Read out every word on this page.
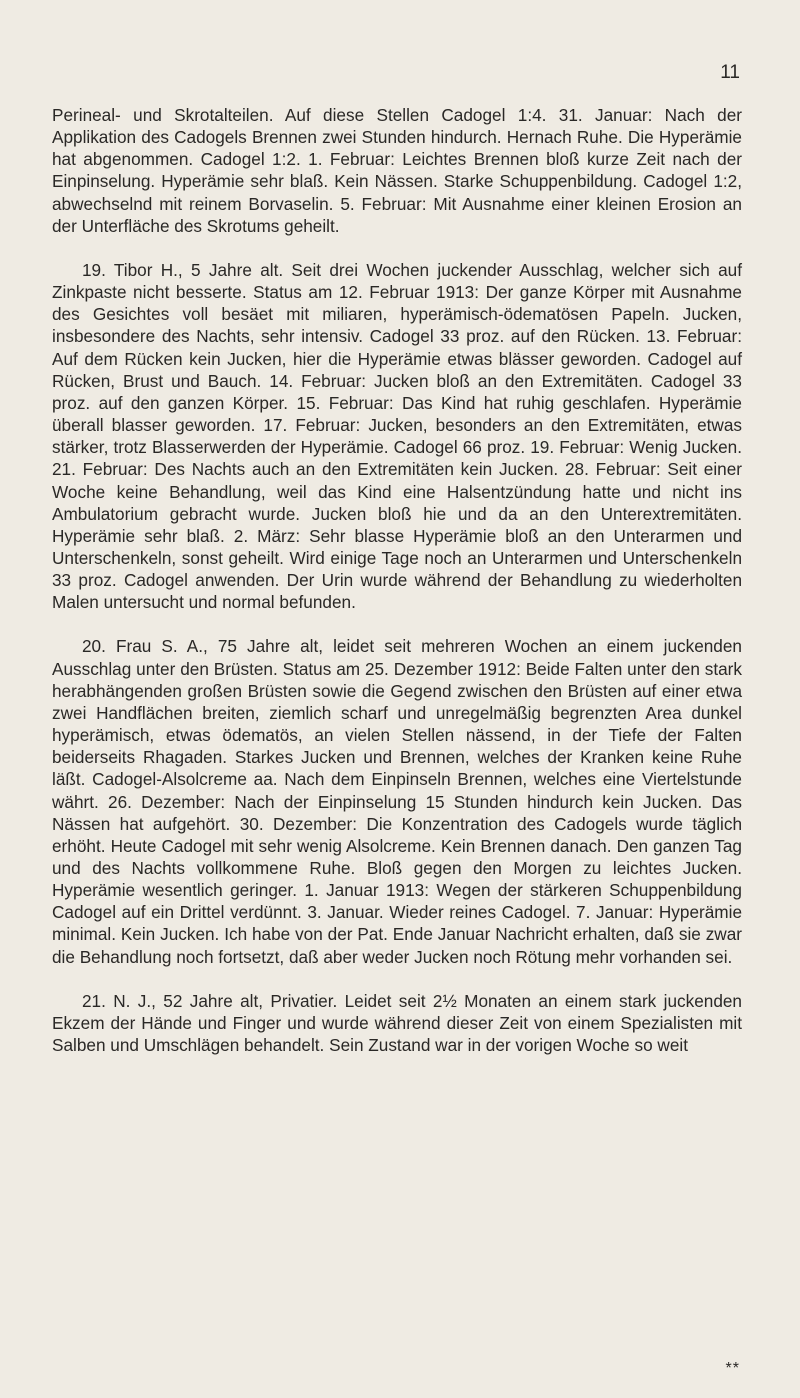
11

Perineal- und Skrotalteilen. Auf diese Stellen Cadogel 1:4. 31. Januar: Nach der Applikation des Cadogels Brennen zwei Stunden hindurch. Hernach Ruhe. Die Hyperämie hat abgenommen. Cadogel 1:2. 1. Februar: Leichtes Brennen bloß kurze Zeit nach der Einpinselung. Hyperämie sehr blaß. Kein Nässen. Starke Schuppenbildung. Cadogel 1:2, abwechselnd mit reinem Borvaselin. 5. Februar: Mit Ausnahme einer kleinen Erosion an der Unterfläche des Skrotums geheilt.

19. Tibor H., 5 Jahre alt. Seit drei Wochen juckender Ausschlag, welcher sich auf Zinkpaste nicht besserte. Status am 12. Februar 1913: Der ganze Körper mit Ausnahme des Gesichtes voll besäet mit miliaren, hyperämisch-ödematösen Papeln. Jucken, insbesondere des Nachts, sehr intensiv. Cadogel 33 proz. auf den Rücken. 13. Februar: Auf dem Rücken kein Jucken, hier die Hyperämie etwas blässer geworden. Cadogel auf Rücken, Brust und Bauch. 14. Februar: Jucken bloß an den Extremitäten. Cadogel 33 proz. auf den ganzen Körper. 15. Februar: Das Kind hat ruhig geschlafen. Hyperämie überall blasser geworden. 17. Februar: Jucken, besonders an den Extremitäten, etwas stärker, trotz Blasserwerden der Hyperämie. Cadogel 66 proz. 19. Februar: Wenig Jucken. 21. Februar: Des Nachts auch an den Extremitäten kein Jucken. 28. Februar: Seit einer Woche keine Behandlung, weil das Kind eine Halsentzündung hatte und nicht ins Ambulatorium gebracht wurde. Jucken bloß hie und da an den Unterextremitäten. Hyperämie sehr blaß. 2. März: Sehr blasse Hyperämie bloß an den Unterarmen und Unterschenkeln, sonst geheilt. Wird einige Tage noch an Unterarmen und Unterschenkeln 33 proz. Cadogel anwenden. Der Urin wurde während der Behandlung zu wiederholten Malen untersucht und normal befunden.

20. Frau S. A., 75 Jahre alt, leidet seit mehreren Wochen an einem juckenden Ausschlag unter den Brüsten. Status am 25. Dezember 1912: Beide Falten unter den stark herabhängenden großen Brüsten sowie die Gegend zwischen den Brüsten auf einer etwa zwei Handflächen breiten, ziemlich scharf und unregelmäßig begrenzten Area dunkel hyperämisch, etwas ödematös, an vielen Stellen nässend, in der Tiefe der Falten beiderseits Rhagaden. Starkes Jucken und Brennen, welches der Kranken keine Ruhe läßt. Cadogel-Alsolcreme aa. Nach dem Einpinseln Brennen, welches eine Viertelstunde währt. 26. Dezember: Nach der Einpinselung 15 Stunden hindurch kein Jucken. Das Nässen hat aufgehört. 30. Dezember: Die Konzentration des Cadogels wurde täglich erhöht. Heute Cadogel mit sehr wenig Alsolcreme. Kein Brennen danach. Den ganzen Tag und des Nachts vollkommene Ruhe. Bloß gegen den Morgen zu leichtes Jucken. Hyperämie wesentlich geringer. 1. Januar 1913: Wegen der stärkeren Schuppenbildung Cadogel auf ein Drittel verdünnt. 3. Januar. Wieder reines Cadogel. 7. Januar: Hyperämie minimal. Kein Jucken. Ich habe von der Pat. Ende Januar Nachricht erhalten, daß sie zwar die Behandlung noch fortsetzt, daß aber weder Jucken noch Rötung mehr vorhanden sei.

21. N. J., 52 Jahre alt, Privatier. Leidet seit 2½ Monaten an einem stark juckenden Ekzem der Hände und Finger und wurde während dieser Zeit von einem Spezialisten mit Salben und Umschlägen behandelt. Sein Zustand war in der vorigen Woche so weit

**
